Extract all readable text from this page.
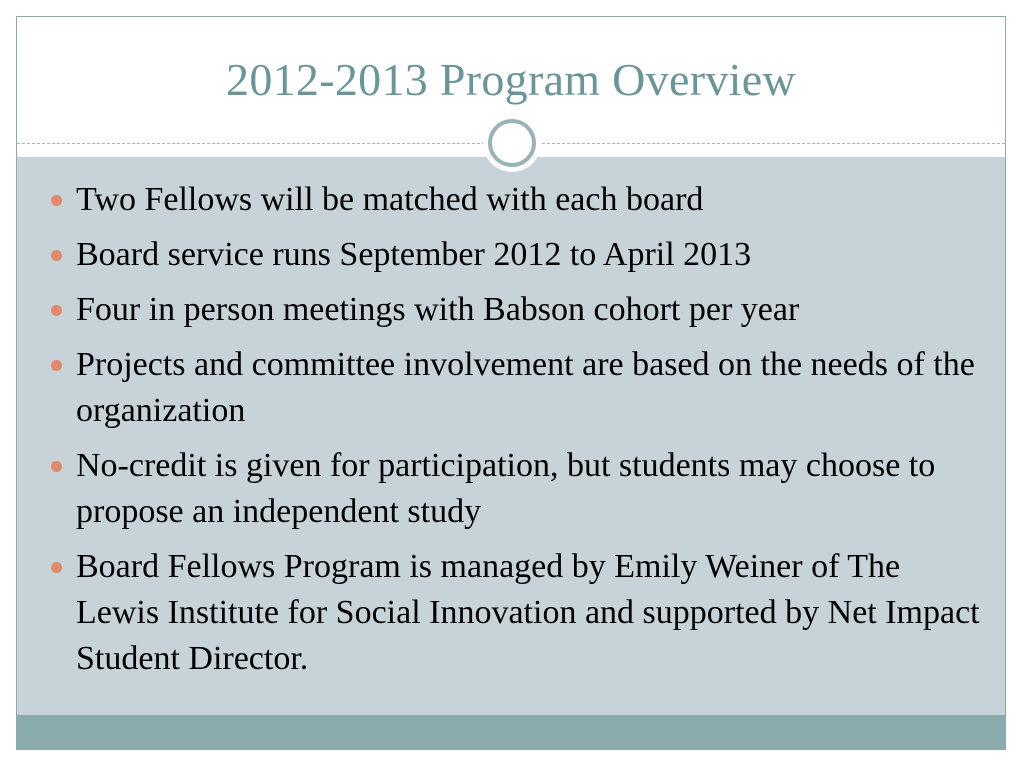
2012-2013 Program Overview
Two Fellows will be matched with each board
Board service runs September 2012 to April 2013
Four in person meetings with Babson cohort per year
Projects and committee involvement are based on the needs of the organization
No-credit is given for participation, but students may choose to propose an independent study
Board Fellows Program is managed by Emily Weiner of The Lewis Institute for Social Innovation and supported by Net Impact Student Director.
